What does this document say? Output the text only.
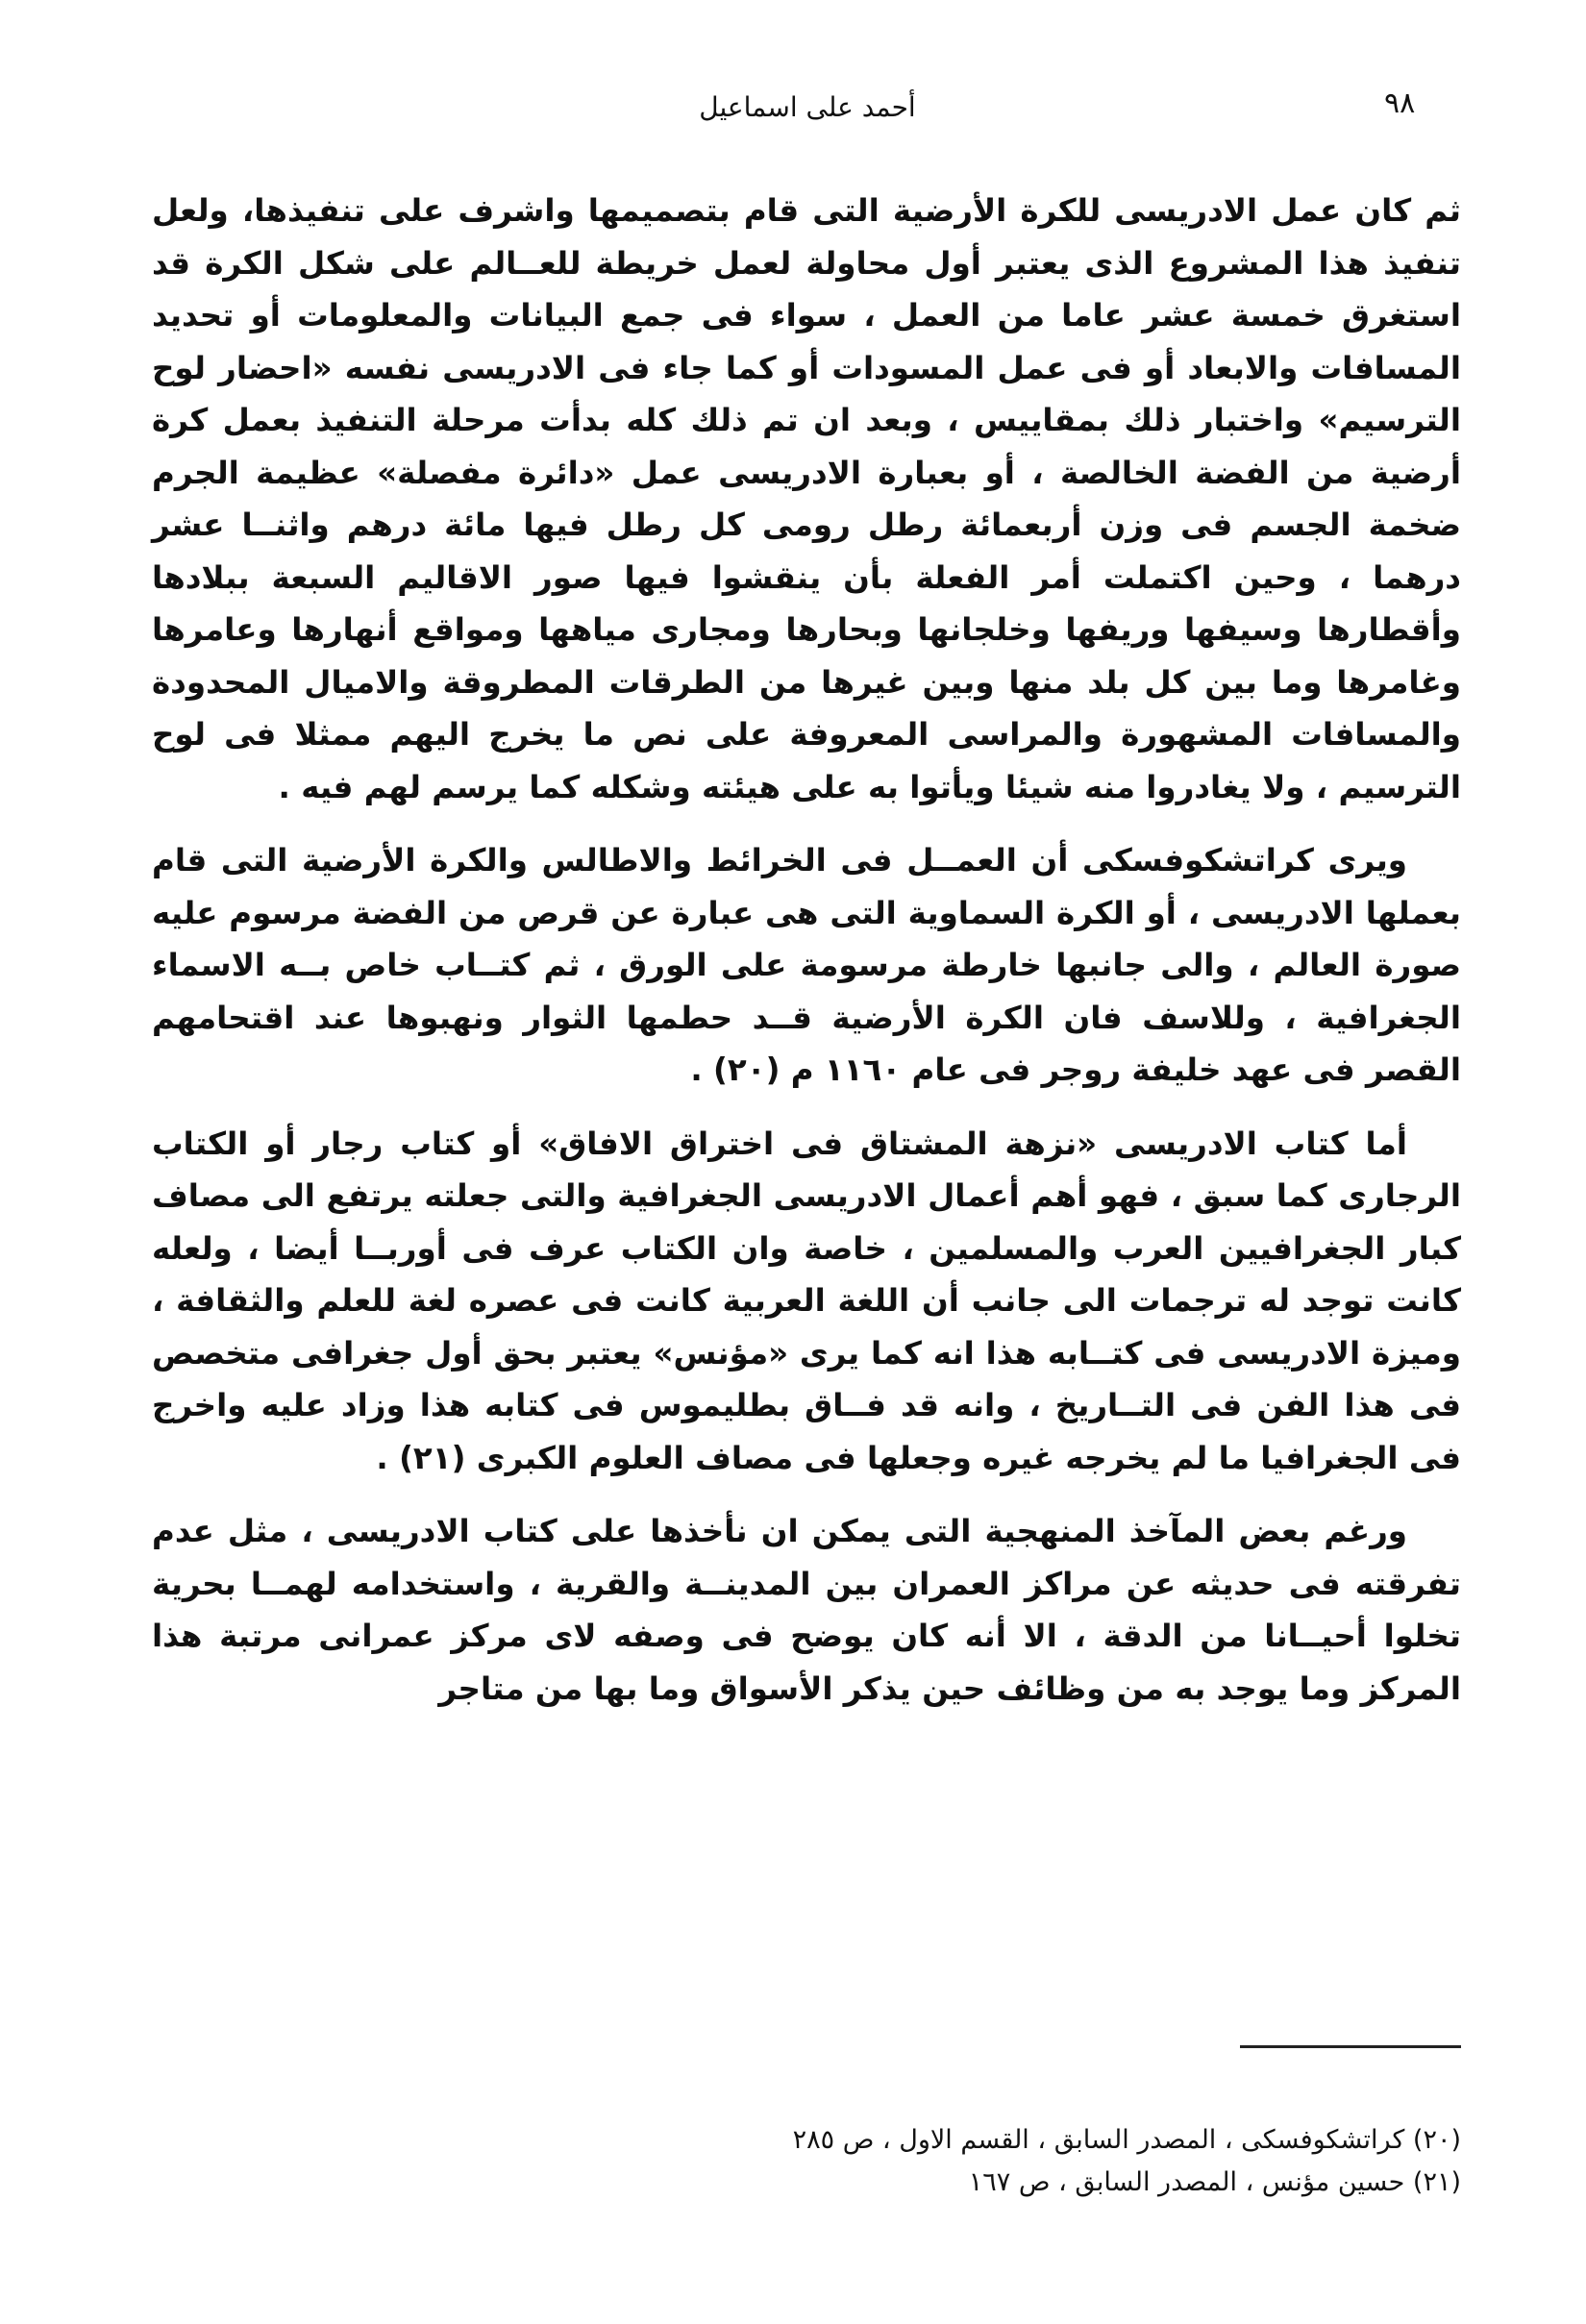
٩٨
أحمد على اسماعيل

ثم كان عمل الادريسى للكرة الأرضية التى قام بتصميمها واشرف على تنفيذها، ولعل تنفيذ هذا المشروع الذى يعتبر أول محاولة لعمل خريطة للعــالم على شكل الكرة قد استغرق خمسة عشر عاما من العمل ، سواء فى جمع البيانات والمعلومات أو تحديد المسافات والابعاد أو فى عمل المسودات أو كما جاء فى الادريسى نفسه «احضار لوح الترسيم» واختبار ذلك بمقاييس ، وبعد ان تم ذلك كله بدأت مرحلة التنفيذ بعمل كرة أرضية من الفضة الخالصة ، أو بعبارة الادريسى عمل «دائرة مفصلة» عظيمة الجرم ضخمة الجسم فى وزن أربعمائة رطل رومى كل رطل فيها مائة درهم واثنــا عشر درهما ، وحين اكتملت أمر الفعلة بأن ينقشوا فيها صور الاقاليم السبعة ببلادها وأقطارها وسيفها وريفها وخلجانها وبحارها ومجارى مياهها ومواقع أنهارها وعامرها وغامرها وما بين كل بلد منها وبين غيرها من الطرقات المطروقة والاميال المحدودة والمسافات المشهورة والمراسى المعروفة على نص ما يخرج اليهم ممثلا فى لوح الترسيم ، ولا يغادروا منه شيئا ويأتوا به على هيئته وشكله كما يرسم لهم فيه .

ويرى كراتشكوفسكى أن العمــل فى الخرائط والاطالس والكرة الأرضية التى قام بعملها الادريسى ، أو الكرة السماوية التى هى عبارة عن قرص من الفضة مرسوم عليه صورة العالم ، والى جانبها خارطة مرسومة على الورق ، ثم كتــاب خاص بــه الاسماء الجغرافية ، وللاسف فان الكرة الأرضية قــد حطمها الثوار ونهبوها عند اقتحامهم القصر فى عهد خليفة روجر فى عام ١١٦٠ م (٢٠) .

أما كتاب الادريسى «نزهة المشتاق فى اختراق الافاق» أو كتاب رجار أو الكتاب الرجارى كما سبق ، فهو أهم أعمال الادريسى الجغرافية والتى جعلته يرتفع الى مصاف كبار الجغرافيين العرب والمسلمين ، خاصة وان الكتاب عرف فى أوربــا أيضا ، ولعله كانت توجد له ترجمات الى جانب أن اللغة العربية كانت فى عصره لغة للعلم والثقافة ، وميزة الادريسى فى كتــابه هذا انه كما يرى «مؤنس» يعتبر بحق أول جغرافى متخصص فى هذا الفن فى التــاريخ ، وانه قد فــاق بطليموس فى كتابه هذا وزاد عليه واخرج فى الجغرافيا ما لم يخرجه غيره وجعلها فى مصاف العلوم الكبرى (٢١) .

ورغم بعض المآخذ المنهجية التى يمكن ان نأخذها على كتاب الادريسى ، مثل عدم تفرقته فى حديثه عن مراكز العمران بين المدينــة والقرية ، واستخدامه لهمــا بحرية تخلوا أحيــانا من الدقة ، الا أنه كان يوضح فى وصفه لاى مركز عمرانى مرتبة هذا المركز وما يوجد به من وظائف حين يذكر الأسواق وما بها من متاجر

(٢٠) كراتشكوفسكى ، المصدر السابق ، القسم الاول ، ص ٢٨٥
(٢١) حسين مؤنس ، المصدر السابق ، ص ١٦٧
